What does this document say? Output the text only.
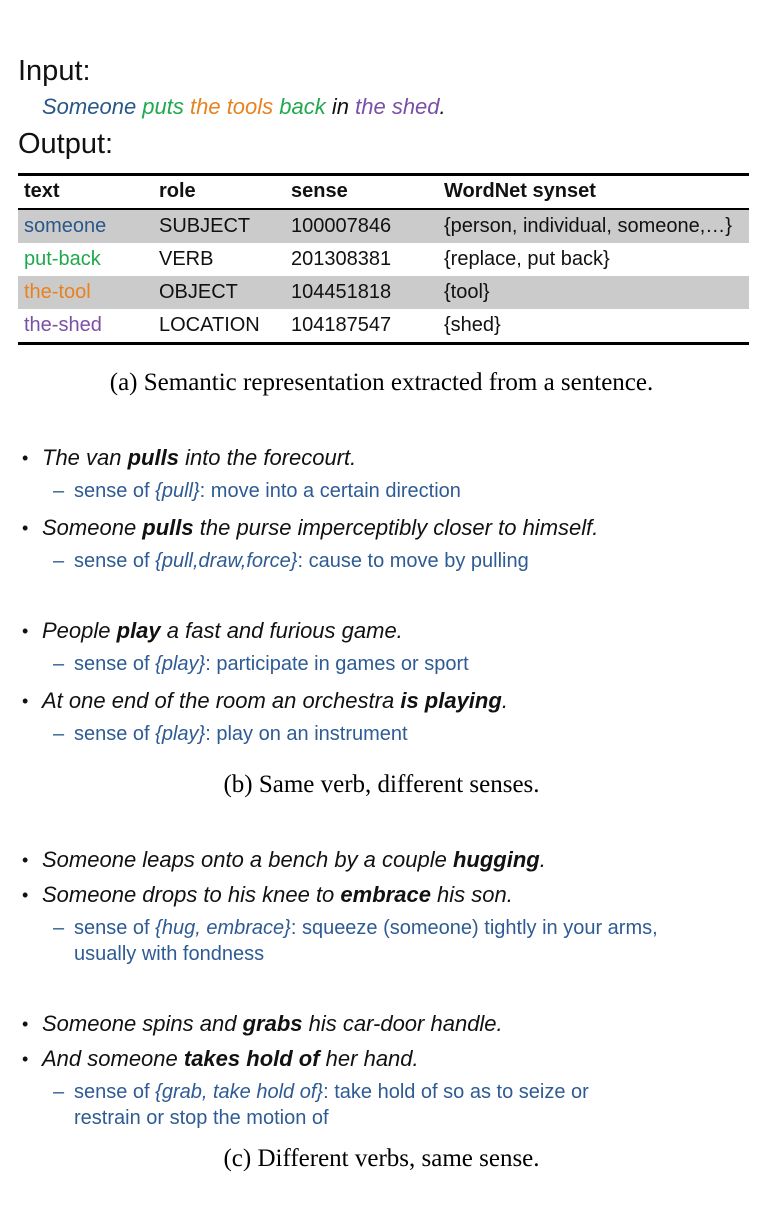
Input:
Someone puts the tools back in the shed.
Output:
text	role	sense	WordNet synset
someone	SUBJECT	100007846	{person, individual, someone,…}
put-back	VERB	201308381	{replace, put back}
the-tool	OBJECT	104451818	{tool}
the-shed	LOCATION	104187547	{shed}
(a) Semantic representation extracted from a sentence.
• The van pulls into the forecourt.
– sense of {pull}: move into a certain direction
• Someone pulls the purse imperceptibly closer to himself.
– sense of {pull,draw,force}: cause to move by pulling
• People play a fast and furious game.
– sense of {play}: participate in games or sport
• At one end of the room an orchestra is playing.
– sense of {play}: play on an instrument
(b) Same verb, different senses.
• Someone leaps onto a bench by a couple hugging.
• Someone drops to his knee to embrace his son.
– sense of {hug, embrace}: squeeze (someone) tightly in your arms,
usually with fondness
• Someone spins and grabs his car-door handle.
• And someone takes hold of her hand.
– sense of {grab, take hold of}: take hold of so as to seize or
restrain or stop the motion of
(c) Different verbs, same sense.
